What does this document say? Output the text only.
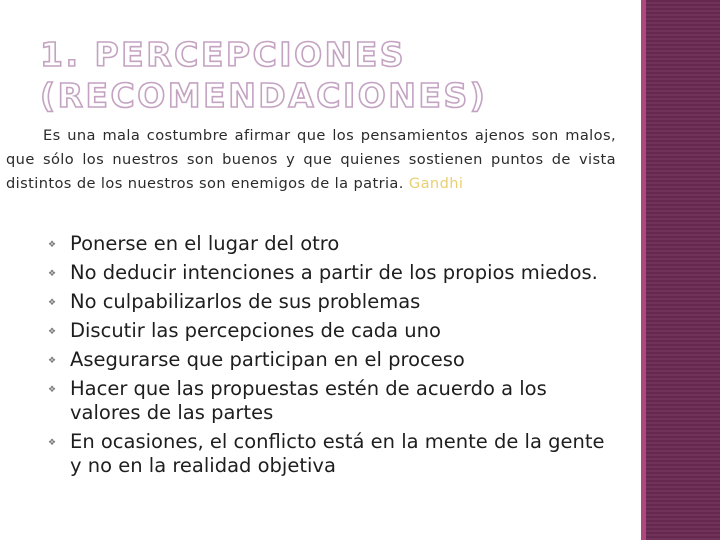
1. PERCEPCIONES (RECOMENDACIONES)

Es una mala costumbre afirmar que los pensamientos ajenos son malos, que sólo los nuestros son buenos y que quienes sostienen puntos de vista distintos de los nuestros son enemigos de la patria. Gandhi

❖ Ponerse en el lugar del otro
❖ No deducir intenciones a partir de los propios miedos.
❖ No culpabilizarlos de sus problemas
❖ Discutir las percepciones de cada uno
❖ Asegurarse que participan en el proceso
❖ Hacer que las propuestas estén de acuerdo a los valores de las partes
❖ En ocasiones, el conflicto está en la mente de la gente y no en la realidad objetiva
